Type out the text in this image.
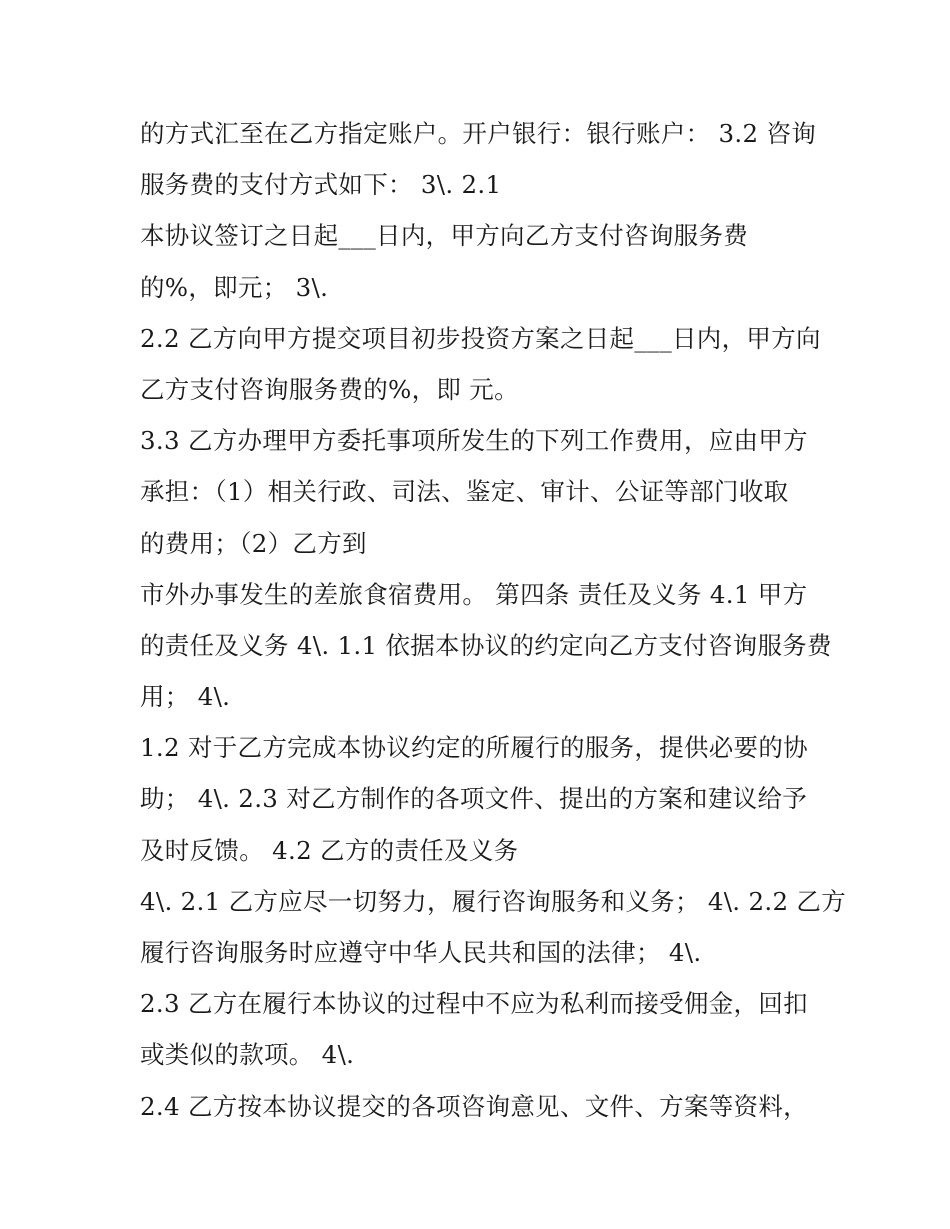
的方式汇至在乙方指定账户。开户银行：银行账户： 3.2 咨询
服务费的支付方式如下： 3\. 2.1
本协议签订之日起___日内，甲方向乙方支付咨询服务费
的%，即元； 3\.
2.2 乙方向甲方提交项目初步投资方案之日起___日内，甲方向
乙方支付咨询服务费的%，即 元。
3.3 乙方办理甲方委托事项所发生的下列工作费用，应由甲方
承担：（1）相关行政、司法、鉴定、审计、公证等部门收取
的费用；（2）乙方到
市外办事发生的差旅食宿费用。 第四条 责任及义务 4.1 甲方
的责任及义务 4\. 1.1 依据本协议的约定向乙方支付咨询服务费
用； 4\.
1.2 对于乙方完成本协议约定的所履行的服务，提供必要的协
助； 4\. 2.3 对乙方制作的各项文件、提出的方案和建议给予
及时反馈。 4.2 乙方的责任及义务
4\. 2.1 乙方应尽一切努力，履行咨询服务和义务； 4\. 2.2 乙方
履行咨询服务时应遵守中华人民共和国的法律； 4\.
2.3 乙方在履行本协议的过程中不应为私利而接受佣金，回扣
或类似的款项。 4\.
2.4 乙方按本协议提交的各项咨询意见、文件、方案等资料，
